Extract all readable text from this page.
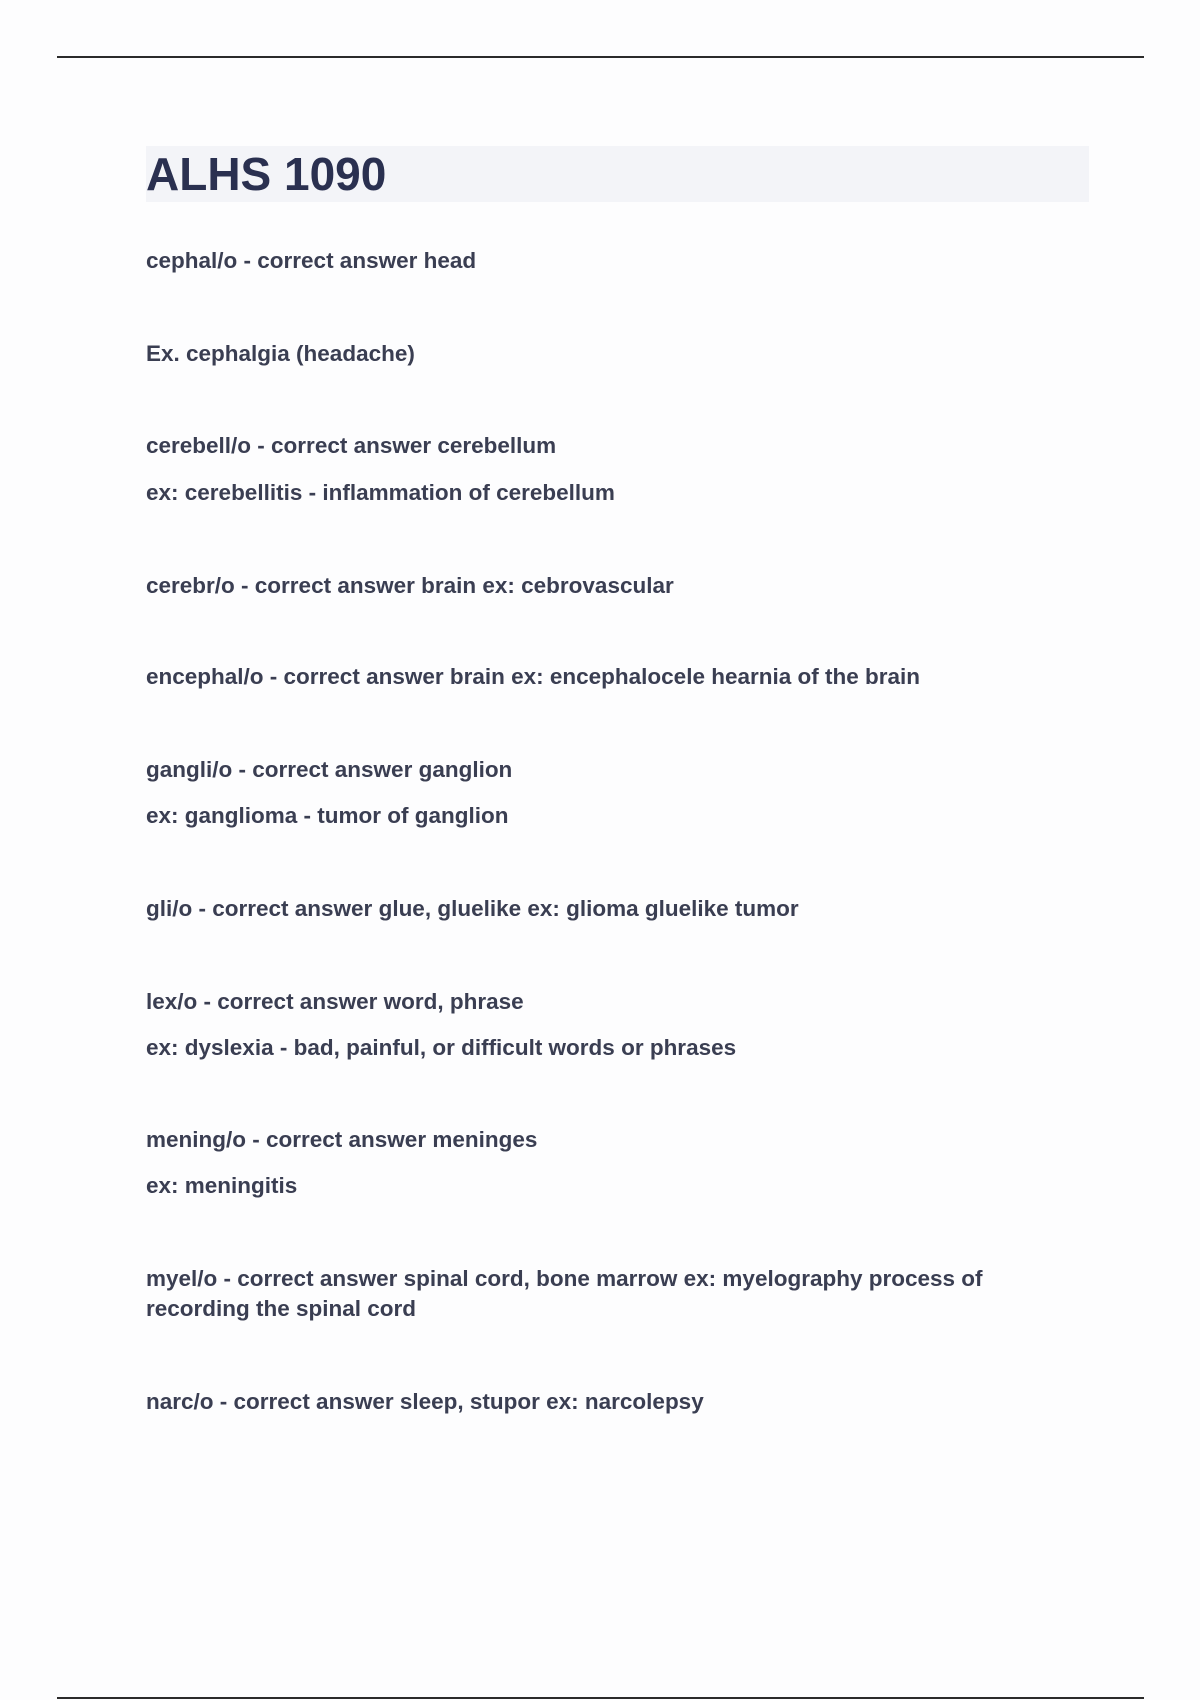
ALHS 1090

cephal/o - correct answer head

Ex. cephalgia (headache)

cerebell/o - correct answer cerebellum

ex: cerebellitis - inflammation of cerebellum

cerebr/o - correct answer brain ex: cebrovascular

encephal/o - correct answer brain ex: encephalocele hearnia of the brain

gangli/o - correct answer ganglion

ex: ganglioma - tumor of ganglion

gli/o - correct answer glue, gluelike ex: glioma gluelike tumor

lex/o - correct answer word, phrase

ex: dyslexia - bad, painful, or difficult words or phrases

mening/o - correct answer meninges

ex: meningitis

myel/o - correct answer spinal cord, bone marrow ex: myelography process of recording the spinal cord

narc/o - correct answer sleep, stupor ex: narcolepsy
